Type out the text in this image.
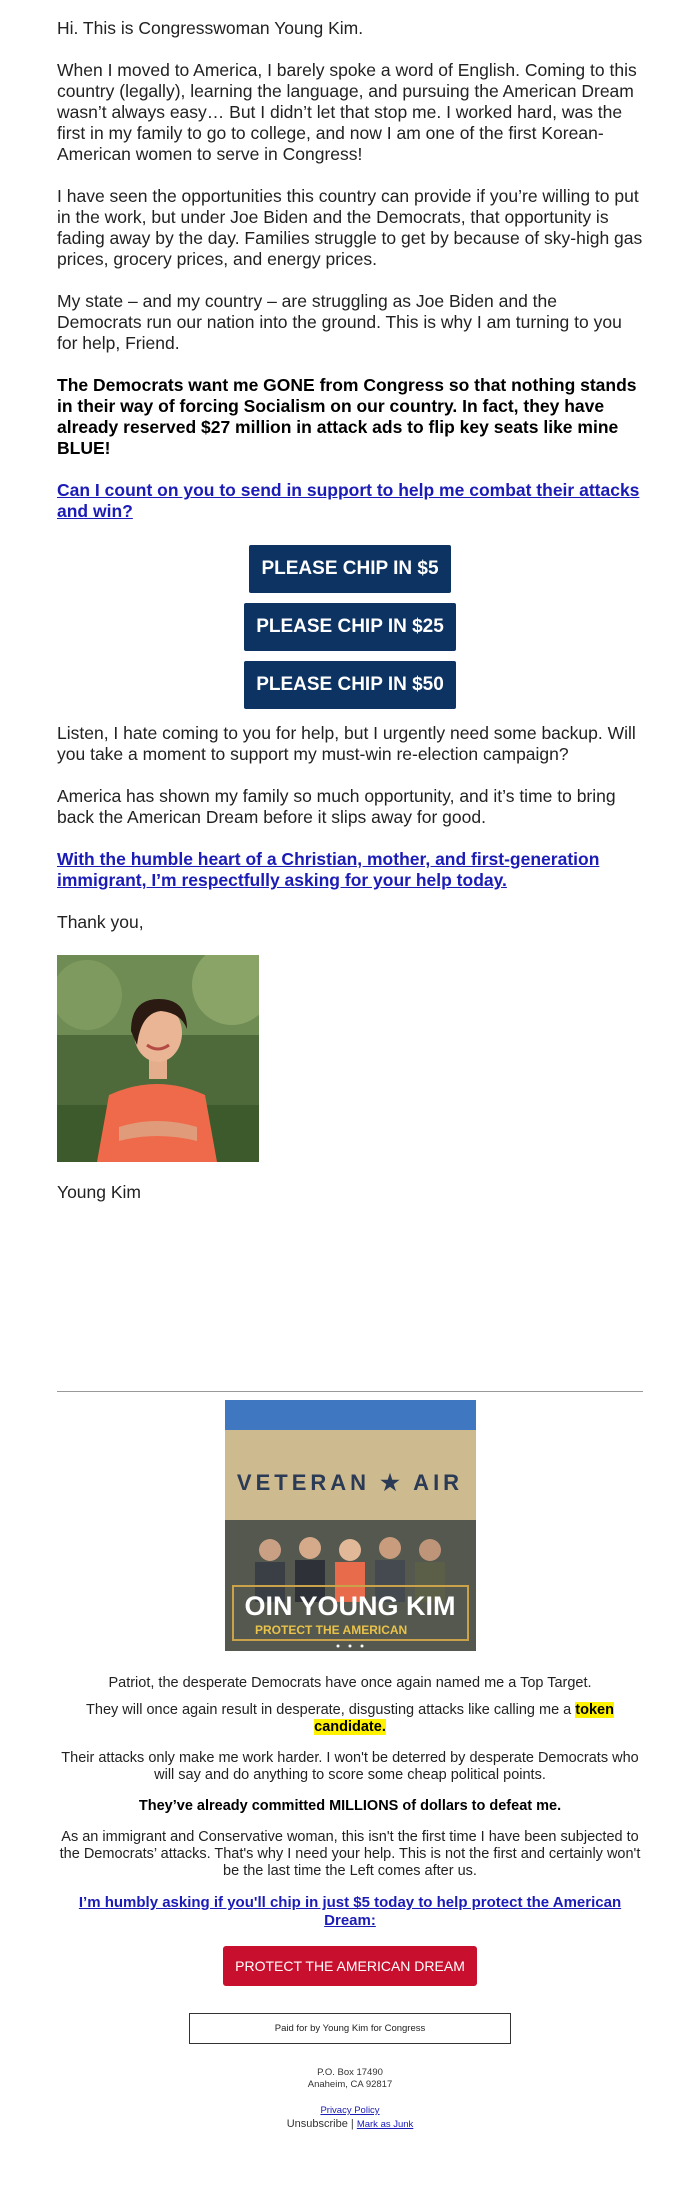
Hi. This is Congresswoman Young Kim.

When I moved to America, I barely spoke a word of English. Coming to this country (legally), learning the language, and pursuing the American Dream wasn’t always easy… But I didn’t let that stop me. I worked hard, was the first in my family to go to college, and now I am one of the first Korean-American women to serve in Congress!

I have seen the opportunities this country can provide if you’re willing to put in the work, but under Joe Biden and the Democrats, that opportunity is fading away by the day. Families struggle to get by because of sky-high gas prices, grocery prices, and energy prices.

My state – and my country – are struggling as Joe Biden and the Democrats run our nation into the ground. This is why I am turning to you for help, Friend.

The Democrats want me GONE from Congress so that nothing stands in their way of forcing Socialism on our country. In fact, they have already reserved $27 million in attack ads to flip key seats like mine BLUE!

Can I count on you to send in support to help me combat their attacks and win?
PLEASE CHIP IN $5
PLEASE CHIP IN $25
PLEASE CHIP IN $50

Listen, I hate coming to you for help, but I urgently need some backup. Will you take a moment to support my must-win re-election campaign?

America has shown my family so much opportunity, and it’s time to bring back the American Dream before it slips away for good.

With the humble heart of a Christian, mother, and first-generation immigrant, I’m respectfully asking for your help today.

Thank you,

Young Kim

VETERAN ★ AIR
OIN YOUNG KIM
PROTECT THE AMERICAN

Patriot, the desperate Democrats have once again named me a Top Target.

They will once again result in desperate, disgusting attacks like calling me a token candidate.

Their attacks only make me work harder. I won't be deterred by desperate Democrats who will say and do anything to score some cheap political points.

They’ve already committed MILLIONS of dollars to defeat me.

As an immigrant and Conservative woman, this isn't the first time I have been subjected to the Democrats’ attacks. That's why I need your help. This is not the first and certainly won't be the last time the Left comes after us.

I’m humbly asking if you'll chip in just $5 today to help protect the American Dream:
PROTECT THE AMERICAN DREAM
Paid for by Young Kim for Congress
P.O. Box 17490
Anaheim, CA 92817
Privacy Policy
Unsubscribe | Mark as Junk
